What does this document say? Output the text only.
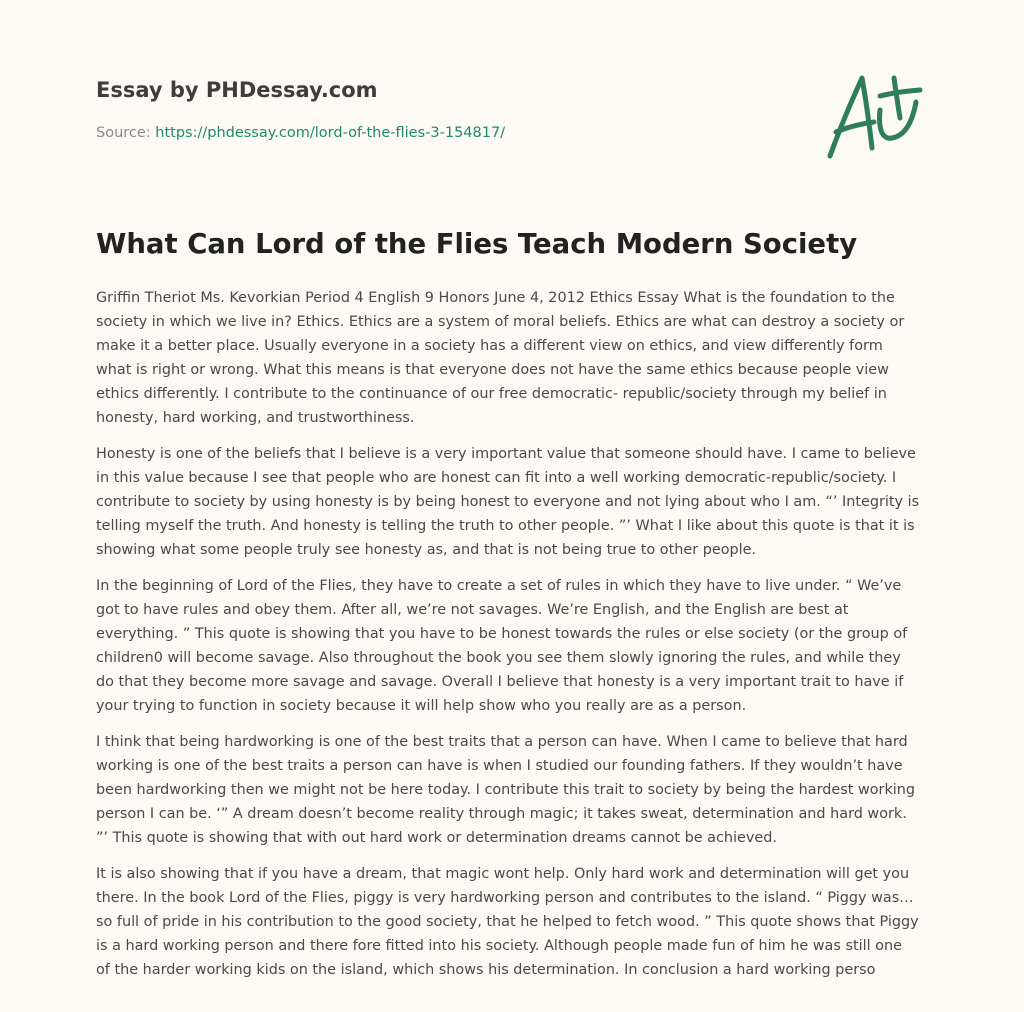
Essay by PHDessay.com
Source: https://phdessay.com/lord-of-the-flies-3-154817/
What Can Lord of the Flies Teach Modern Society

Griffin Theriot Ms. Kevorkian Period 4 English 9 Honors June 4, 2012 Ethics Essay What is the foundation to the
society in which we live in? Ethics. Ethics are a system of moral beliefs. Ethics are what can destroy a society or
make it a better place. Usually everyone in a society has a different view on ethics, and view differently form
what is right or wrong. What this means is that everyone does not have the same ethics because people view
ethics differently. I contribute to the continuance of our free democratic- republic/society through my belief in
honesty, hard working, and trustworthiness.

Honesty is one of the beliefs that I believe is a very important value that someone should have. I came to believe
in this value because I see that people who are honest can fit into a well working democratic-republic/society. I
contribute to society by using honesty is by being honest to everyone and not lying about who I am. “’ Integrity is
telling myself the truth. And honesty is telling the truth to other people. ”’ What I like about this quote is that it is
showing what some people truly see honesty as, and that is not being true to other people.

In the beginning of Lord of the Flies, they have to create a set of rules in which they have to live under. “ We’ve
got to have rules and obey them. After all, we’re not savages. We’re English, and the English are best at
everything. ” This quote is showing that you have to be honest towards the rules or else society (or the group of
children0 will become savage. Also throughout the book you see them slowly ignoring the rules, and while they
do that they become more savage and savage. Overall I believe that honesty is a very important trait to have if
your trying to function in society because it will help show who you really are as a person.

I think that being hardworking is one of the best traits that a person can have. When I came to believe that hard
working is one of the best traits a person can have is when I studied our founding fathers. If they wouldn’t have
been hardworking then we might not be here today. I contribute this trait to society by being the hardest working
person I can be. ‘” A dream doesn’t become reality through magic; it takes sweat, determination and hard work.
”’ This quote is showing that with out hard work or determination dreams cannot be achieved.

It is also showing that if you have a dream, that magic wont help. Only hard work and determination will get you
there. In the book Lord of the Flies, piggy is very hardworking person and contributes to the island. “ Piggy was…
so full of pride in his contribution to the good society, that he helped to fetch wood. ” This quote shows that Piggy
is a hard working person and there fore fitted into his society. Although people made fun of him he was still one
of the harder working kids on the island, which shows his determination. In conclusion a hard working perso
